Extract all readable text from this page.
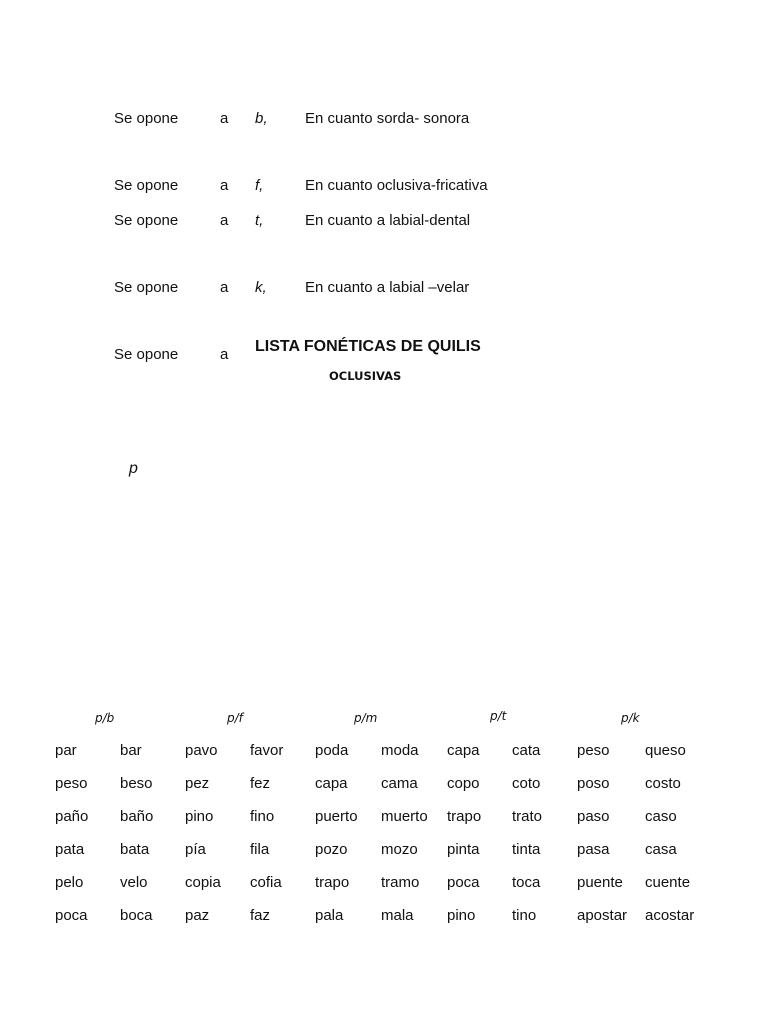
Se opone	a b, En cuanto sorda- sonora
Se opone	a f,	En cuanto oclusiva-fricativa
Se opone	a t,	En cuanto a labial-dental
Se opone	a k,	En cuanto a labial –velar
Se opone	a LISTA FONÉTICAS DE QUILIS
OCLUSIVAS
p
p/b	p/f	p/m	p/t	p/k
par	bar	pavo favor poda moda capa cata peso queso
peso beso pez	fez	capa cama copo coto poso costo
paño baño pino fino	puerto muerto trapo trato paso caso
pata bata pía	fila	pozo mozo pinta tinta pasa casa
pelo velo copia cofia trapo tramo poca toca puente cuente
poca boca paz	faz	pala	mala pino tino	apostar acostar
